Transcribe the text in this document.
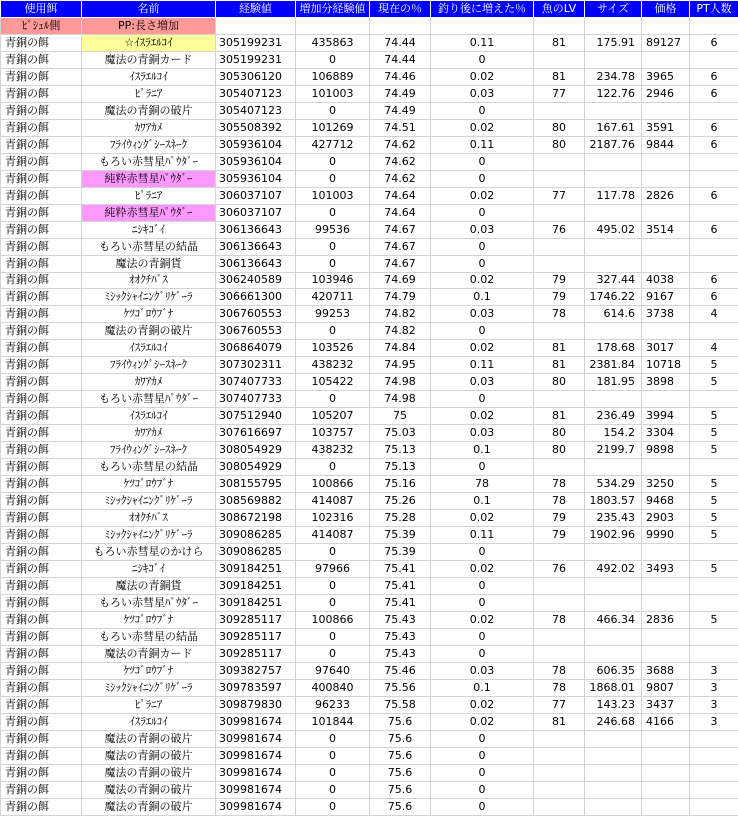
使用餌	名前	経験値	増加分経験値	現在の％	釣り後に増えた％	魚のLV	サイズ	価格	PT人数
ﾋﾞｼｭﾙ側	PP:長さ増加								
青銅の餌	☆ｲｽﾗｴﾙｺｲ	305199231	435863	74.44	0.11	81	175.91	89127	6
青銅の餌	魔法の青銅カード	305199231	0	74.44	0				
青銅の餌	ｲｽﾗｴﾙｺｲ	305306120	106889	74.46	0.02	81	234.78	3965	6
青銅の餌	ﾋﾟﾗﾆｱ	305407123	101003	74.49	0.03	77	122.76	2946	6
青銅の餌	魔法の青銅の破片	305407123	0	74.49	0				
青銅の餌	ｶﾜｱｶﾒ	305508392	101269	74.51	0.02	80	167.61	3591	6
青銅の餌	ﾌﾗｲｳｨﾝｸﾞｼｰｽﾈｰｸ	305936104	427712	74.62	0.11	80	2187.76	9844	6
青銅の餌	もろい赤彗星ﾊﾟｳﾀﾞｰ	305936104	0	74.62	0				
青銅の餌	純粋赤彗星ﾊﾟｳﾀﾞｰ	305936104	0	74.62	0				
青銅の餌	ﾋﾟﾗﾆｱ	306037107	101003	74.64	0.02	77	117.78	2826	6
青銅の餌	純粋赤彗星ﾊﾟｳﾀﾞｰ	306037107	0	74.64	0				
青銅の餌	ﾆｼｷｺﾞｲ	306136643	99536	74.67	0.03	76	495.02	3514	6
青銅の餌	もろい赤彗星の結晶	306136643	0	74.67	0				
青銅の餌	魔法の青銅貨	306136643	0	74.67	0				
青銅の餌	ｵｵｸﾁﾊﾞｽ	306240589	103946	74.69	0.02	79	327.44	4038	6
青銅の餌	ﾐｼｯｸｼｬｲﾆﾝｸﾞﾘｹﾞｰﾗ	306661300	420711	74.79	0.1	79	1746.22	9167	6
青銅の餌	ｹﾂｺﾞﾛｳﾌﾞﾅ	306760553	99253	74.82	0.03	78	614.6	3738	4
青銅の餌	魔法の青銅の破片	306760553	0	74.82	0				
青銅の餌	ｲｽﾗｴﾙｺｲ	306864079	103526	74.84	0.02	81	178.68	3017	4
青銅の餌	ﾌﾗｲｳｨﾝｸﾞｼｰｽﾈｰｸ	307302311	438232	74.95	0.11	81	2381.84	10718	5
青銅の餌	ｶﾜｱｶﾒ	307407733	105422	74.98	0.03	80	181.95	3898	5
青銅の餌	もろい赤彗星ﾊﾟｳﾀﾞｰ	307407733	0	74.98	0				
青銅の餌	ｲｽﾗｴﾙｺｲ	307512940	105207	75	0.02	81	236.49	3994	5
青銅の餌	ｶﾜｱｶﾒ	307616697	103757	75.03	0.03	80	154.2	3304	5
青銅の餌	ﾌﾗｲｳｨﾝｸﾞｼｰｽﾈｰｸ	308054929	438232	75.13	0.1	80	2199.7	9898	5
青銅の餌	もろい赤彗星の結晶	308054929	0	75.13	0				
青銅の餌	ｹﾂｺﾞﾛｳﾌﾞﾅ	308155795	100866	75.16	78	78	534.29	3250	5
青銅の餌	ﾐｼｯｸｼｬｲﾆﾝｸﾞﾘｹﾞｰﾗ	308569882	414087	75.26	0.1	78	1803.57	9468	5
青銅の餌	ｵｵｸﾁﾊﾞｽ	308672198	102316	75.28	0.02	79	235.43	2903	5
青銅の餌	ﾐｼｯｸｼｬｲﾆﾝｸﾞﾘｹﾞｰﾗ	309086285	414087	75.39	0.11	79	1902.96	9990	5
青銅の餌	もろい赤彗星のかけら	309086285	0	75.39	0				
青銅の餌	ﾆｼｷｺﾞｲ	309184251	97966	75.41	0.02	76	492.02	3493	5
青銅の餌	魔法の青銅貨	309184251	0	75.41	0				
青銅の餌	もろい赤彗星ﾊﾟｳﾀﾞｰ	309184251	0	75.41	0				
青銅の餌	ｹﾂｺﾞﾛｳﾌﾞﾅ	309285117	100866	75.43	0.02	78	466.34	2836	5
青銅の餌	もろい赤彗星の結晶	309285117	0	75.43	0				
青銅の餌	魔法の青銅カード	309285117	0	75.43	0				
青銅の餌	ｹﾂｺﾞﾛｳﾌﾞﾅ	309382757	97640	75.46	0.03	78	606.35	3688	3
青銅の餌	ﾐｼｯｸｼｬｲﾆﾝｸﾞﾘｹﾞｰﾗ	309783597	400840	75.56	0.1	78	1868.01	9807	3
青銅の餌	ﾋﾟﾗﾆｱ	309879830	96233	75.58	0.02	77	143.23	3437	3
青銅の餌	ｲｽﾗｴﾙｺｲ	309981674	101844	75.6	0.02	81	246.68	4166	3
青銅の餌	魔法の青銅の破片	309981674	0	75.6	0				
青銅の餌	魔法の青銅の破片	309981674	0	75.6	0				
青銅の餌	魔法の青銅の破片	309981674	0	75.6	0				
青銅の餌	魔法の青銅の破片	309981674	0	75.6	0				
青銅の餌	魔法の青銅の破片	309981674	0	75.6	0				
